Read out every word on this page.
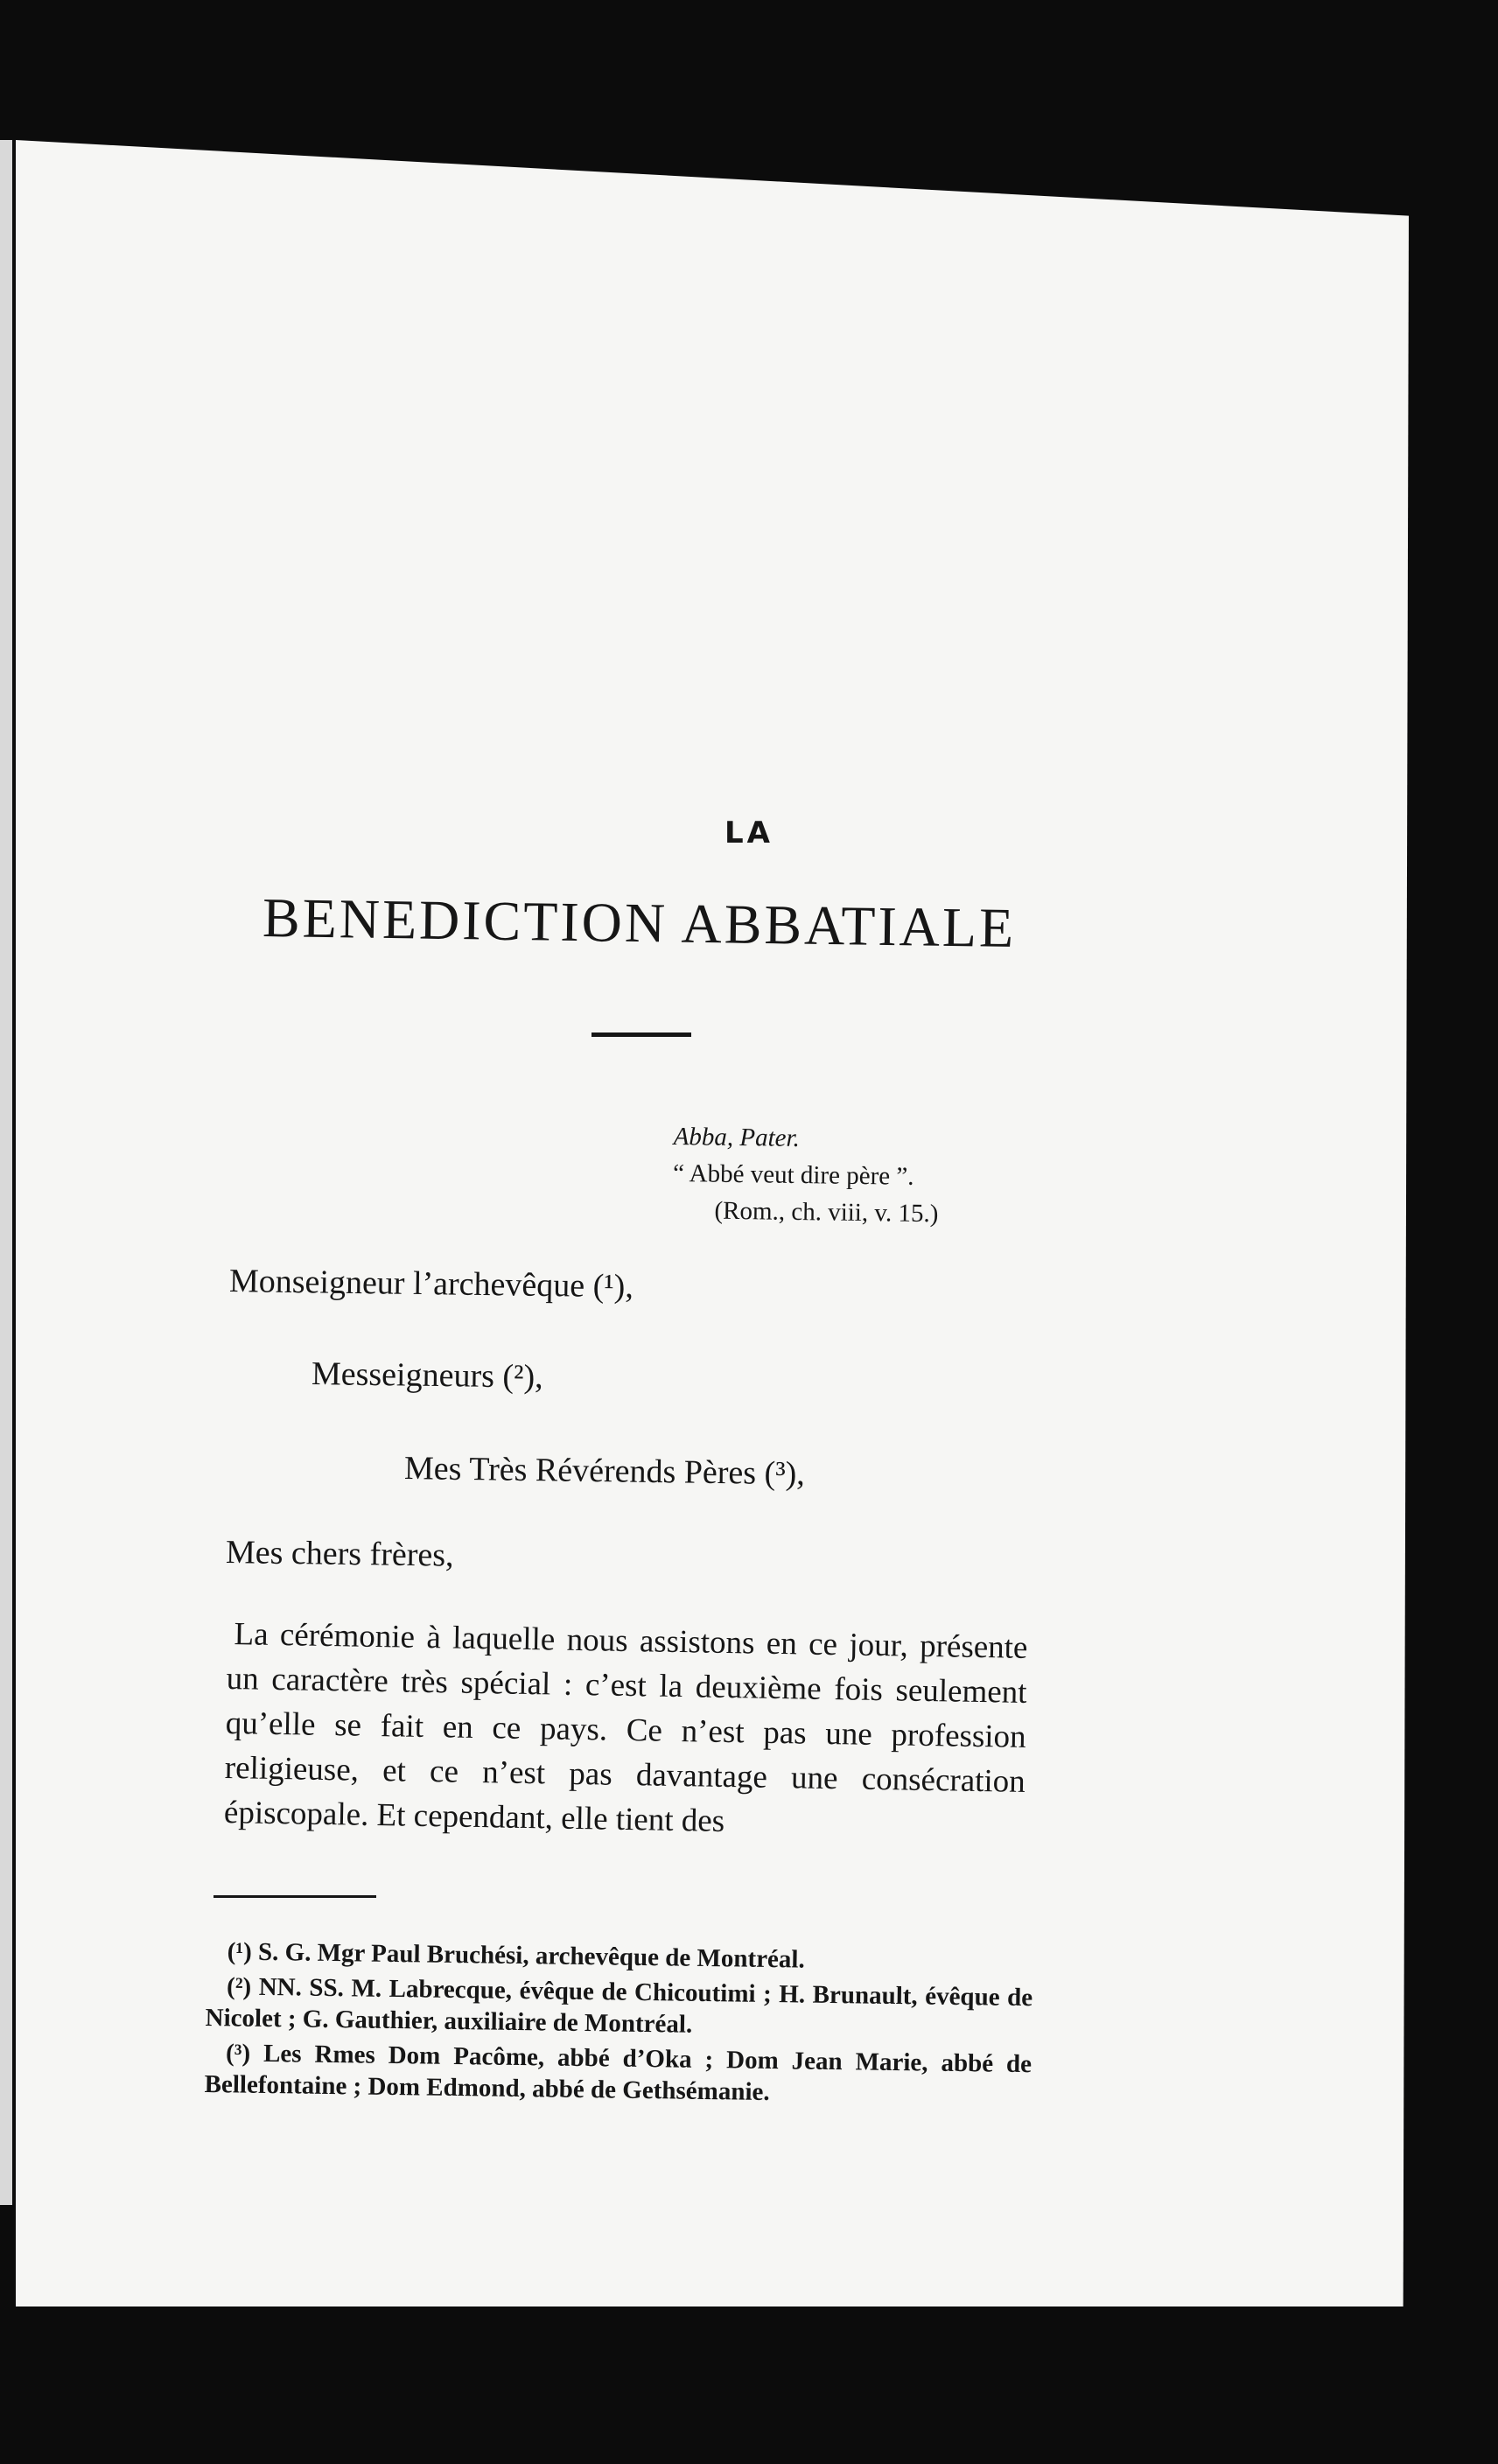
LA
BENEDICTION ABBATIALE
Abba, Pater.
“ Abbé veut dire père ”.
(Rom., ch. viii, v. 15.)
Monseigneur l’archevêque (¹),
Messeigneurs (²),
Mes Très Révérends Pères (³),
Mes chers frères,

La cérémonie à laquelle nous assistons en ce jour, présente un caractère très spécial : c’est la deuxième fois seulement qu’elle se fait en ce pays. Ce n’est pas une profession religieuse, et ce n’est pas davantage une consécration épiscopale. Et cependant, elle tient des

(¹) S. G. Mgr Paul Bruchési, archevêque de Montréal.

(²) NN. SS. M. Labrecque, évêque de Chicoutimi ; H. Brunault, évêque de Nicolet ; G. Gauthier, auxiliaire de Montréal.

(³) Les Rmes Dom Pacôme, abbé d’Oka ; Dom Jean Marie, abbé de Bellefontaine ; Dom Edmond, abbé de Gethsémanie.
